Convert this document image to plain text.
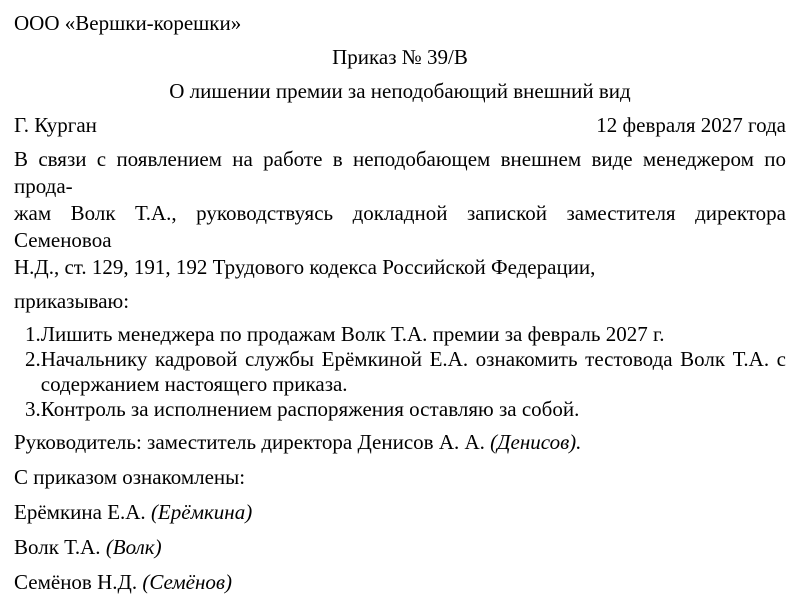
ООО «Вершки-корешки»
Приказ № 39/В
О лишении премии за неподобающий внешний вид
Г. Курган	12 февраля 2027 года
В связи с появлением на работе в неподобающем внешнем виде менеджером по прода-
жам Волк Т.А., руководствуясь докладной запиской заместителя директора Семеновоа
Н.Д., ст. 129, 191, 192 Трудового кодекса Российской Федерации,
приказываю:
1. Лишить менеджера по продажам Волк Т.А. премии за февраль 2027 г.
2. Начальнику кадровой службы Ерёмкиной Е.А. ознакомить тестовода Волк Т.А. с
содержанием настоящего приказа.
3. Контроль за исполнением распоряжения оставляю за собой.
Руководитель: заместитель директора Денисов А. А. (Денисов).
С приказом ознакомлены:
Ерёмкина Е.А. (Ерёмкина)
Волк Т.А. (Волк)
Семёнов Н.Д. (Семёнов)
